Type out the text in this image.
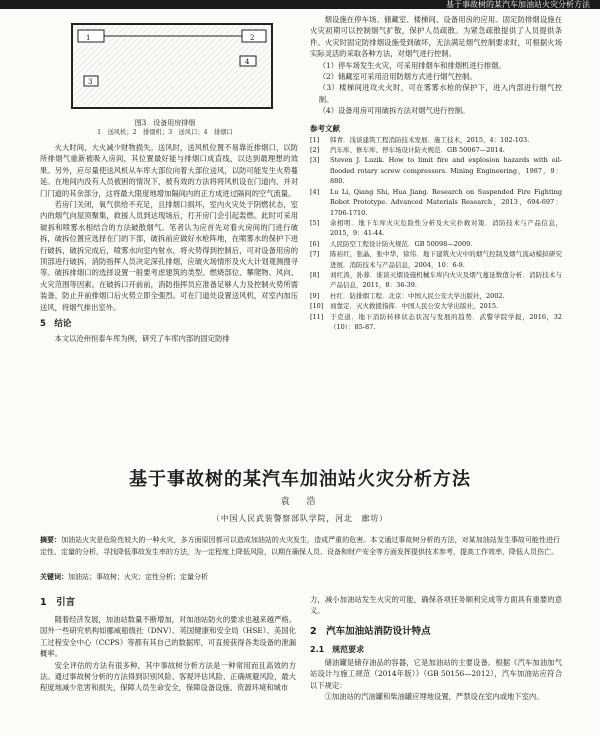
基于事故树的某汽车加油站火灾分析方法
1	2
3
4
图3　设备用房排烟
1　送风机；2　排烟机；3　送风口；4　排烟口

火大时间，大火减少财物损失。送风时，送风机位置不易靠近排烟口，以防所排烟气重新被吸入房间，其位置最好能与排烟口成直线，以达到最理想的效果。另外，应尽量使送风机从车库大部位向着大部位送风，以防可能发生火势蔓延。在地间内没有人员被困的情况下，被有效的方法将将风机设在门道内，并对门门道的其余部分，这将最大限度地增加隔间内的正方成进过隔间的空气流量。

若房门关闭，氧气供给不充足，且排烟口损坏，室内火灾处于阴燃状态，室内的烟气向屋顶聚集，救援人员到达现场后，打开房门会引起轰燃。此时可采用破拆和喷雾水相结合的方法破散烟气。笔者认为应首先对着火房间的门进行破拆，破拆位置应选择在门的下部，破拆前应做好水枪阵地，在喷雾水的保护下进行破拆，破拆完成后，喷雾水向室内射水，将火势得到控制后，可对设备用房的顶部进行破拆，消防指挥人员决定深孔排烟，应破火场情形及火大计划观测搜寻等。破拆排烟口的选择设置一般要考虑建筑的类型、燃烧部位、攀爬物、风向、火灾范围等因素。在破拆口开前前，消防指挥员应准备足够人力及控制火势所需装备，防止开前排烟口后火势立即全强烈。可在门道处设置送风机，对室内加压送风，将烟气排出室外。

5　结论

本文以沧州恒泰车库为例，研究了车库内部的固定防排

烟设施在停车场、储藏室、楼梯间、设备用房的应用。固定防排烟设施在火灾初期可以控制烟气扩散，保护人员疏散。为紧急疏散提供了人员提供条件。火灾时固定防排烟设施受到破坏，无法满足烟气控制要求时，可根据火场实际灵活的采取各种方法，对烟气进行控制。

（1）停车场发生火灾，可采用排烟车和排烟机进行排烟。

（2）储藏室可采用沿用防烟方式进行烟气控制。

（3）楼梯间进攻火火时，可在雾雾水枪的保护下，进入内部进行烟气控制。

（4）设备用房可用破拆方法对烟气进行控制。

参考文献
[1]	韩青．浅谈建筑工程消防技术发展．施工技术，2015，4：102-103.
[2]	汽车库、修车库、停车场设计防火规范．GB 50067—2014.
[3]	Steven J. Luzik. How to limit fire and explosion hazards with oil-flooded rotary screw compressors. Mining Engineering，1987，9：880.
[4]	Lu Li, Qiang Shi, Hua Jiang. Research on Suspended Fire Fighting Robot Prototype. Advanced Materials Research，2013，694-697：1706-1710.
[5]	余相明．地下车库火灾危险性分析及火灾扑救对策．消防技术与产品信息，2015，9：41-44.
[6]	人民防空工程设计防火规范．GB 50098—2009.
[7]	陈裕红，张晶，张中华，徐伟．地下建筑火灾中的烟气控制及烟气流动模拟研究进展．消防技术与产品信息，2004，10：6-9.
[8]	刘红涛，孙蓉．谁谈灭烟设施机械车库内火灾及烟气蔓延数值分析．消防技术与产品信息，2011，8：36-39.
[9]	杜红．防排烟工程．北京：中国人民公安大学出版社，2002.
[10]	商靠定．灭火救援指挥．中国人民公安大学出版社，2015.
[11]	于克道．地下消防转移状态状况与发展的趋势．武警学院学报，2016，32（10）：85-87.
基于事故树的某汽车加油站火灾分析方法
袁　浩
（中国人民武装警察部队学院，河北　廊坊）
摘要：加油站火灾是危险性较大的一种火灾，多方面原因都可以造成加油站的火灾发生，造成严重的危害。本文通过事故树分析的方法，对某加油站发生事故可能性进行定性、定量的分析，寻找降低事故发生率的方法，为一定程度上降低风险，以期在确保人员、设备和财产安全等方面发挥提供技术参考，提高工作效率，降低人员伤亡。
关键词：加油站；事故树；火灾；定性分析；定量分析
1　引言

随着经济发展，加油站数量不断增加，对加油站防火的要求也越来越严格。国外一些研究机构如挪威船级社（DNV）、英国健康和安全局（HSE）、美国化工过程安全中心（CCPS）等都有其自己的数据库，可直接获得各类设备的泄漏概率。

安全评估的方法有很多种，其中事故树分析方法是一种常用而且高效的方法。通过事故树分析的方法得到识别风险、客观评估风险、正确规避风险，最大程度地减少危害和损失，保障人员生命安全，保障设备设施、资源环境和城市

力，减小加油站发生火灾的可能，确保各项任务顺利完成等方面具有重要的意义。

2　汽车加油站消防设计特点
2.1　规范要求

储油罐是储存油品的容器，它是加油站的主要设备。根据《汽车加油加气站设计与施工规范（2014年版）》（GB 50156—2012），汽车加油站应符合以下规定：

①加油站的汽油罐和柴油罐应埋地设置，严禁设在室内或地下室内。
